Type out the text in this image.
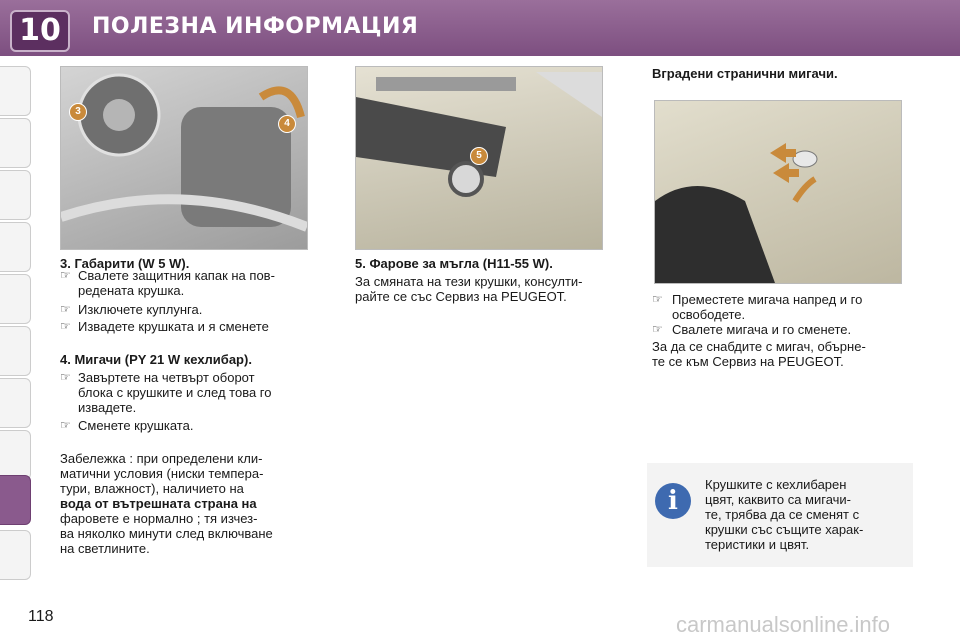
10	ПОЛЕЗНА ИНФОРМАЦИЯ
3
4
5
3. Габарити (W 5 W).
☞ Свалете защитния капак на пов-
редената крушка.
☞ Изключете куплунга.
☞ Извадете крушката и я сменете
4. Мигачи (PY 21 W кехлибар).
☞ Завъртете на четвърт оборот
блока с крушките и след това го
извадете.
☞ Сменете крушката.
Забележка : при определени кли-
матични условия (ниски темпера-
тури, влажност), наличието на
вода от вътрешната страна на
фаровете е нормално ; тя изчез-
ва няколко минути след включване
на светлините.
5. Фарове за мъгла (H11-55 W).
За смяната на тези крушки, консулти-
райте се със Сервиз на PEUGEOT.
Вградени странични мигачи.
☞ Преместете мигача напред и го
освободете.
☞ Свалете мигача и го сменете.
За да се снабдите с мигач, обърне-
те се към Сервиз на PEUGEOT.
i
Крушките с кехлибарен
цвят, каквито са мигачи-
те, трябва да се сменят с
крушки със същите харак-
теристики и цвят.
118	carmanualsonline.info
